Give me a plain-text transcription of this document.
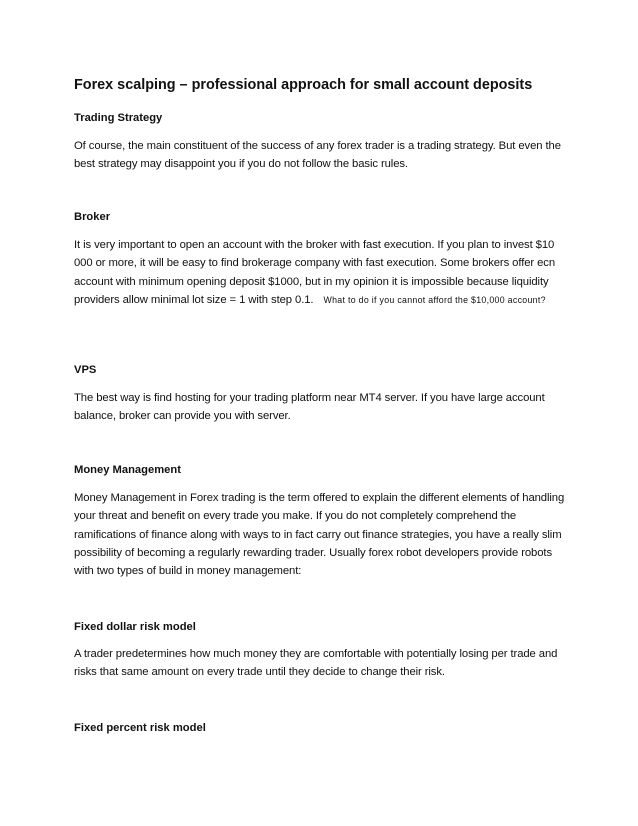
Forex scalping – professional approach for small account deposits
Trading Strategy
Of course, the main constituent of the success of any forex trader is a trading strategy. But even the best strategy may disappoint you if you do not follow the basic rules.
Broker
It is very important to open an account with the broker with fast execution. If you plan to invest $10 000 or more, it will be easy to find brokerage company with fast execution. Some brokers offer ecn account with minimum opening deposit $1000, but in my opinion it is impossible because liquidity providers allow minimal lot size = 1 with step 0.1. What to do if you cannot afford the $10,000 account?
VPS
The best way is find hosting for your trading platform near MT4 server. If you have large account balance, broker can provide you with server.
Money Management
Money Management in Forex trading is the term offered to explain the different elements of handling your threat and benefit on every trade you make. If you do not completely comprehend the ramifications of finance along with ways to in fact carry out finance strategies, you have a really slim possibility of becoming a regularly rewarding trader. Usually forex robot developers provide robots with two types of build in money management:
Fixed dollar risk model
A trader predetermines how much money they are comfortable with potentially losing per trade and risks that same amount on every trade until they decide to change their risk.
Fixed percent risk model
